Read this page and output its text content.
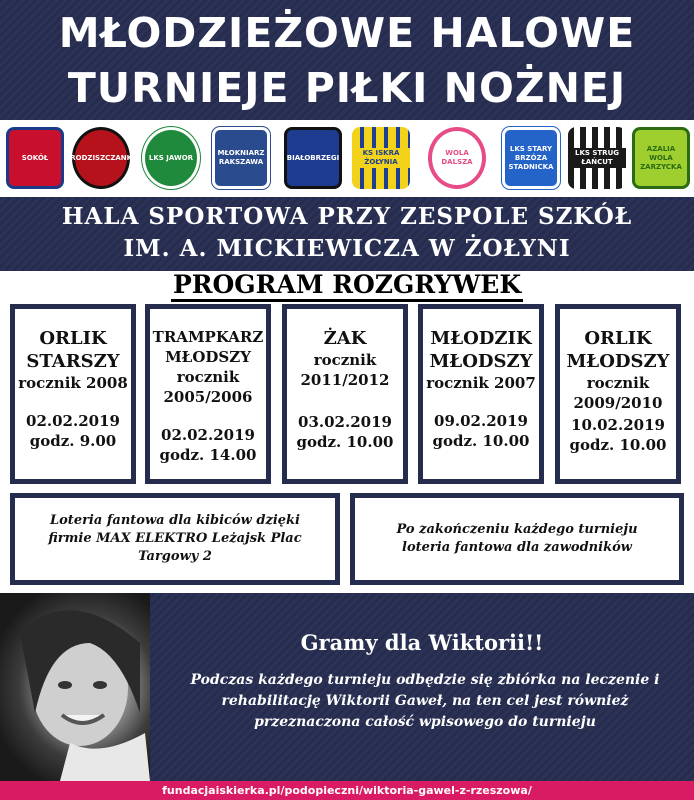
MŁODZIEŻOWE HALOWE
TURNIEJE PIŁKI NOŻNEJ
SOKÓŁ GRODZISZCZANKA LKS JAWOR
MŁOKNIARZ RAKSZAWA
BIAŁOBRZEGI
KS ISKRA ŻOŁYNIA
WOLA DALSZA
LKS STARY BRZÓZA STADNICKA
LKS STRUG ŁAŃCUT
AZALIA WOLA ZARZYCKA
HALA SPORTOWA PRZY ZESPOLE SZKÓŁ
IM. A. MICKIEWICZA W ŻOŁYNI
PROGRAM ROZGRYWEK
ORLIK
STARSZY
rocznik 2008

02.02.2019
godz. 9.00
TRAMPKARZ
MŁODSZY
rocznik
2005/2006
02.02.2019
godz. 14.00
ŻAK
rocznik
2011/2012
03.02.2019
godz. 10.00
MŁODZIK
MŁODSZY
rocznik 2007

09.02.2019
godz. 10.00
ORLIK
MŁODSZY
rocznik
2009/2010
10.02.2019
godz. 10.00
Loteria fantowa dla kibiców dzięki firmie MAX ELEKTRO Leżajsk Plac Targowy 2
Po zakończeniu każdego turnieju loteria fantowa dla zawodników
Gramy dla Wiktorii!!
Podczas każdego turnieju odbędzie się zbiórka na leczenie i rehabilitację Wiktorii Gaweł, na ten cel jest również przeznaczona całość wpisowego do turnieju
fundacjaiskierka.pl/podopieczni/wiktoria-gawel-z-rzeszowa/
